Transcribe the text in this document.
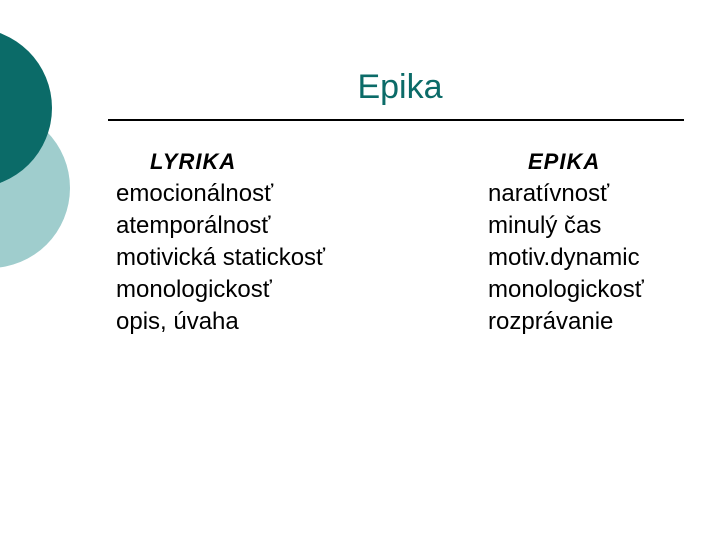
Epika
LYRIKA
emocionálnosť
atemporálnosť
motivická statickosť
monologickosť
opis, úvaha
EPIKA
naratívnosť
minulý čas
motiv.dynamic
monologickosť
rozprávanie
